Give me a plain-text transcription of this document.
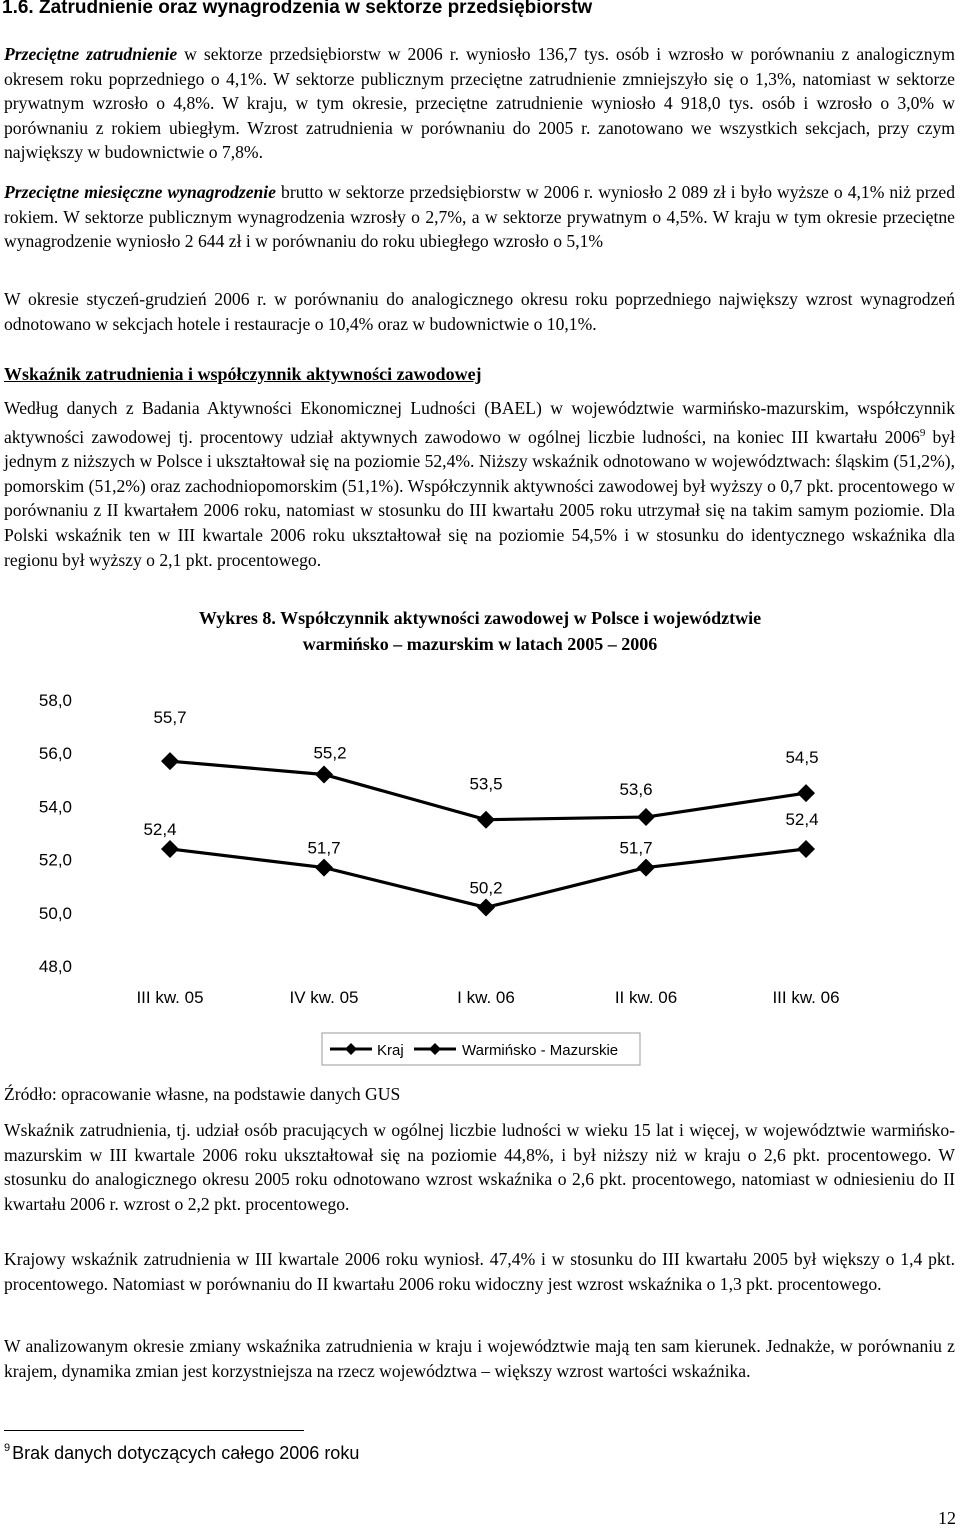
1.6. Zatrudnienie oraz wynagrodzenia w sektorze przedsiębiorstw

Przeciętne zatrudnienie w sektorze przedsiębiorstw w 2006 r. wyniosło 136,7 tys. osób i wzrosło w porównaniu z analogicznym okresem roku poprzedniego o 4,1%. W sektorze publicznym przeciętne zatrudnienie zmniejszyło się o 1,3%, natomiast w sektorze prywatnym wzrosło o 4,8%. W kraju, w tym okresie, przeciętne zatrudnienie wyniosło 4 918,0 tys. osób i wzrosło o 3,0% w porównaniu z rokiem ubiegłym. Wzrost zatrudnienia w porównaniu do 2005 r. zanotowano we wszystkich sekcjach, przy czym największy w budownictwie o 7,8%.

Przeciętne miesięczne wynagrodzenie brutto w sektorze przedsiębiorstw w 2006 r. wyniosło 2 089 zł i było wyższe o 4,1% niż przed rokiem. W sektorze publicznym wynagrodzenia wzrosły o 2,7%, a w sektorze prywatnym o 4,5%. W kraju w tym okresie przeciętne wynagrodzenie wyniosło 2 644 zł i w porównaniu do roku ubiegłego wzrosło o 5,1%

W okresie styczeń-grudzień 2006 r. w porównaniu do analogicznego okresu roku poprzedniego największy wzrost wynagrodzeń odnotowano w sekcjach hotele i restauracje o 10,4% oraz w budownictwie o 10,1%.

Wskaźnik zatrudnienia i współczynnik aktywności zawodowej

Według danych z Badania Aktywności Ekonomicznej Ludności (BAEL) w województwie warmińsko-mazurskim, współczynnik aktywności zawodowej tj. procentowy udział aktywnych zawodowo w ogólnej liczbie ludności, na koniec III kwartału 2006$^9$ był jednym z niższych w Polsce i ukształtował się na poziomie 52,4%. Niższy wskaźnik odnotowano w województwach: śląskim (51,2%), pomorskim (51,2%) oraz zachodniopomorskim (51,1%). Współczynnik aktywności zawodowej był wyższy o 0,7 pkt. procentowego w porównaniu z II kwartałem 2006 roku, natomiast w stosunku do III kwartału 2005 roku utrzymał się na takim samym poziomie. Dla Polski wskaźnik ten w III kwartale 2006 roku ukształtował się na poziomie 54,5% i w stosunku do identycznego wskaźnika dla regionu był wyższy o 2,1 pkt. procentowego.

Wykres 8. Współczynnik aktywności zawodowej w Polsce i województwie
warmińsko – mazurskim w latach 2005 – 2006
48,0
50,0
52,0
54,0
56,0
58,0
III kw. 05	IV kw. 05	I kw. 06	II kw. 06	III kw. 06
55,7
55,2
53,5	53,6
54,5
52,4
51,7
50,2
51,7
52,4
Kraj	Warmińsko - Mazurskie
Źródło: opracowanie własne, na podstawie danych GUS

Wskaźnik zatrudnienia, tj. udział osób pracujących w ogólnej liczbie ludności w wieku 15 lat i więcej, w województwie warmińsko-mazurskim w III kwartale 2006 roku ukształtował się na poziomie 44,8%, i był niższy niż w kraju o 2,6 pkt. procentowego. W stosunku do analogicznego okresu 2005 roku odnotowano wzrost wskaźnika o 2,6 pkt. procentowego, natomiast w odniesieniu do II kwartału 2006 r. wzrost o 2,2 pkt. procentowego.

Krajowy wskaźnik zatrudnienia w III kwartale 2006 roku wyniosł. 47,4% i w stosunku do III kwartału 2005 był większy o 1,4 pkt. procentowego. Natomiast w porównaniu do II kwartału 2006 roku widoczny jest wzrost wskaźnika o 1,3 pkt. procentowego.

W analizowanym okresie zmiany wskaźnika zatrudnienia w kraju i województwie mają ten sam kierunek. Jednakże, w porównaniu z krajem, dynamika zmian jest korzystniejsza na rzecz województwa – większy wzrost wartości wskaźnika.

$^9$ Brak danych dotyczących całego 2006 roku
12
